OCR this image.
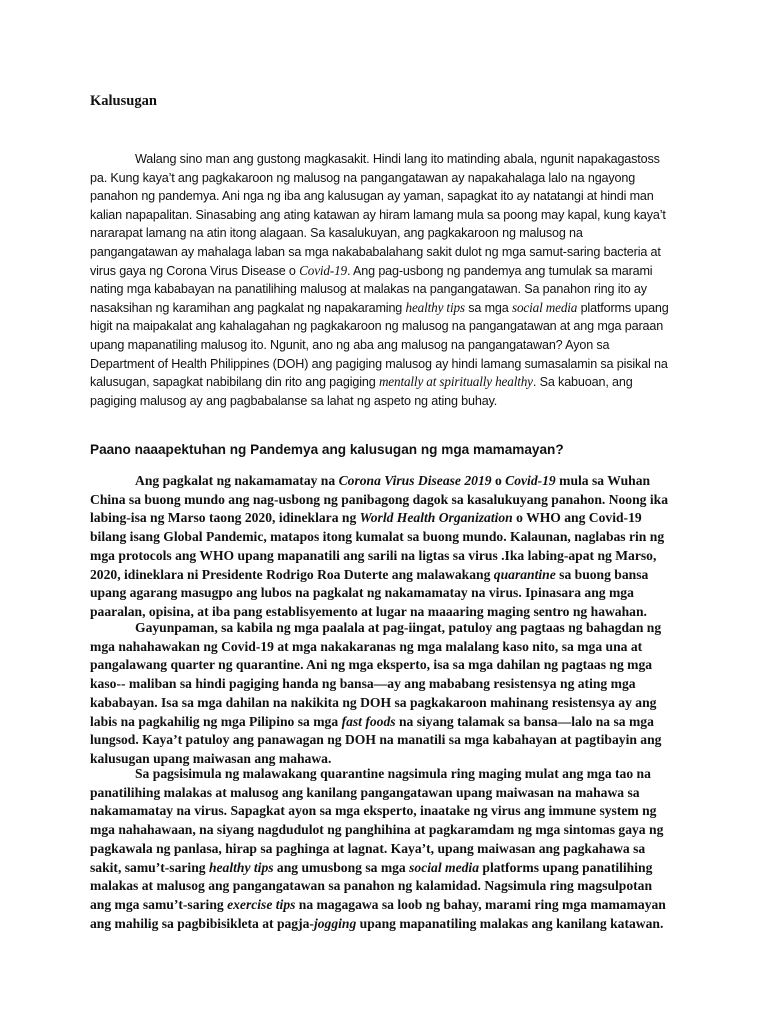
Kalusugan

Walang sino man ang gustong magkasakit. Hindi lang ito matinding abala, ngunit napakagastoss pa. Kung kaya’t ang pagkakaroon ng malusog na pangangatawan ay napakahalaga lalo na ngayong panahon ng pandemya. Ani nga ng iba ang kalusugan ay yaman, sapagkat ito ay natatangi at hindi man kalian napapalitan. Sinasabing ang ating katawan ay hiram lamang mula sa poong may kapal, kung kaya’t nararapat lamang na atin itong alagaan. Sa kasalukuyan, ang pagkakaroon ng malusog na pangangatawan ay mahalaga laban sa mga nakababalahang sakit dulot ng mga samut-saring bacteria at virus gaya ng Corona Virus Disease o Covid-19. Ang pag-usbong ng pandemya ang tumulak sa marami nating mga kababayan na panatilihing malusog at malakas na pangangatawan. Sa panahon ring ito ay nasaksihan ng karamihan ang pagkalat ng napakaraming healthy tips sa mga social media platforms upang higit na maipakalat ang kahalagahan ng pagkakaroon ng malusog na pangangatawan at ang mga paraan upang mapanatiling malusog ito. Ngunit, ano ng aba ang malusog na pangangatawan? Ayon sa Department of Health Philippines (DOH) ang pagiging malusog ay hindi lamang sumasalamin sa pisikal na kalusugan, sapagkat nabibilang din rito ang pagiging mentally at spiritually healthy. Sa kabuoan, ang pagiging malusog ay ang pagbabalanse sa lahat ng aspeto ng ating buhay.

Paano naaapektuhan ng Pandemya ang kalusugan ng mga mamamayan?

Ang pagkalat ng nakamamatay na Corona Virus Disease 2019 o Covid-19 mula sa Wuhan China sa buong mundo ang nag-usbong ng panibagong dagok sa kasalukuyang panahon. Noong ika labing-isa ng Marso taong 2020, idineklara ng World Health Organization o WHO ang Covid-19 bilang isang Global Pandemic, matapos itong kumalat sa buong mundo. Kalaunan, naglabas rin ng mga protocols ang WHO upang mapanatili ang sarili na ligtas sa virus .Ika labing-apat ng Marso, 2020, idineklara ni Presidente Rodrigo Roa Duterte ang malawakang quarantine sa buong bansa upang agarang masugpo ang lubos na pagkalat ng nakamamatay na virus. Ipinasara ang mga paaralan, opisina, at iba pang establisyemento at lugar na maaaring maging sentro ng hawahan.

Gayunpaman, sa kabila ng mga paalala at pag-iingat, patuloy ang pagtaas ng bahagdan ng mga nahahawakan ng Covid-19 at mga nakakaranas ng mga malalang kaso nito, sa mga una at pangalawang quarter ng quarantine. Ani ng mga eksperto, isa sa mga dahilan ng pagtaas ng mga kaso-- maliban sa hindi pagiging handa ng bansa—ay ang mababang resistensya ng ating mga kababayan. Isa sa mga dahilan na nakikita ng DOH sa pagkakaroon mahinang resistensya ay ang labis na pagkahilig ng mga Pilipino sa mga fast foods na siyang talamak sa bansa—lalo na sa mga lungsod. Kaya’t patuloy ang panawagan ng DOH na manatili sa mga kabahayan at pagtibayin ang kalusugan upang maiwasan ang mahawa.

Sa pagsisimula ng malawakang quarantine nagsimula ring maging mulat ang mga tao na panatilihing malakas at malusog ang kanilang pangangatawan upang maiwasan na mahawa sa nakamamatay na virus. Sapagkat ayon sa mga eksperto, inaatake ng virus ang immune system ng mga nahahawaan, na siyang nagdudulot ng panghihina at pagkaramdam ng mga sintomas gaya ng pagkawala ng panlasa, hirap sa paghinga at lagnat. Kaya’t, upang maiwasan ang pagkahawa sa sakit, samu’t-saring healthy tips ang umusbong sa mga social media platforms upang panatilihing malakas at malusog ang pangangatawan sa panahon ng kalamidad. Nagsimula ring magsulpotan ang mga samu’t-saring exercise tips na magagawa sa loob ng bahay, marami ring mga mamamayan ang mahilig sa pagbibisikleta at pagja-jogging upang mapanatiling malakas ang kanilang katawan.
